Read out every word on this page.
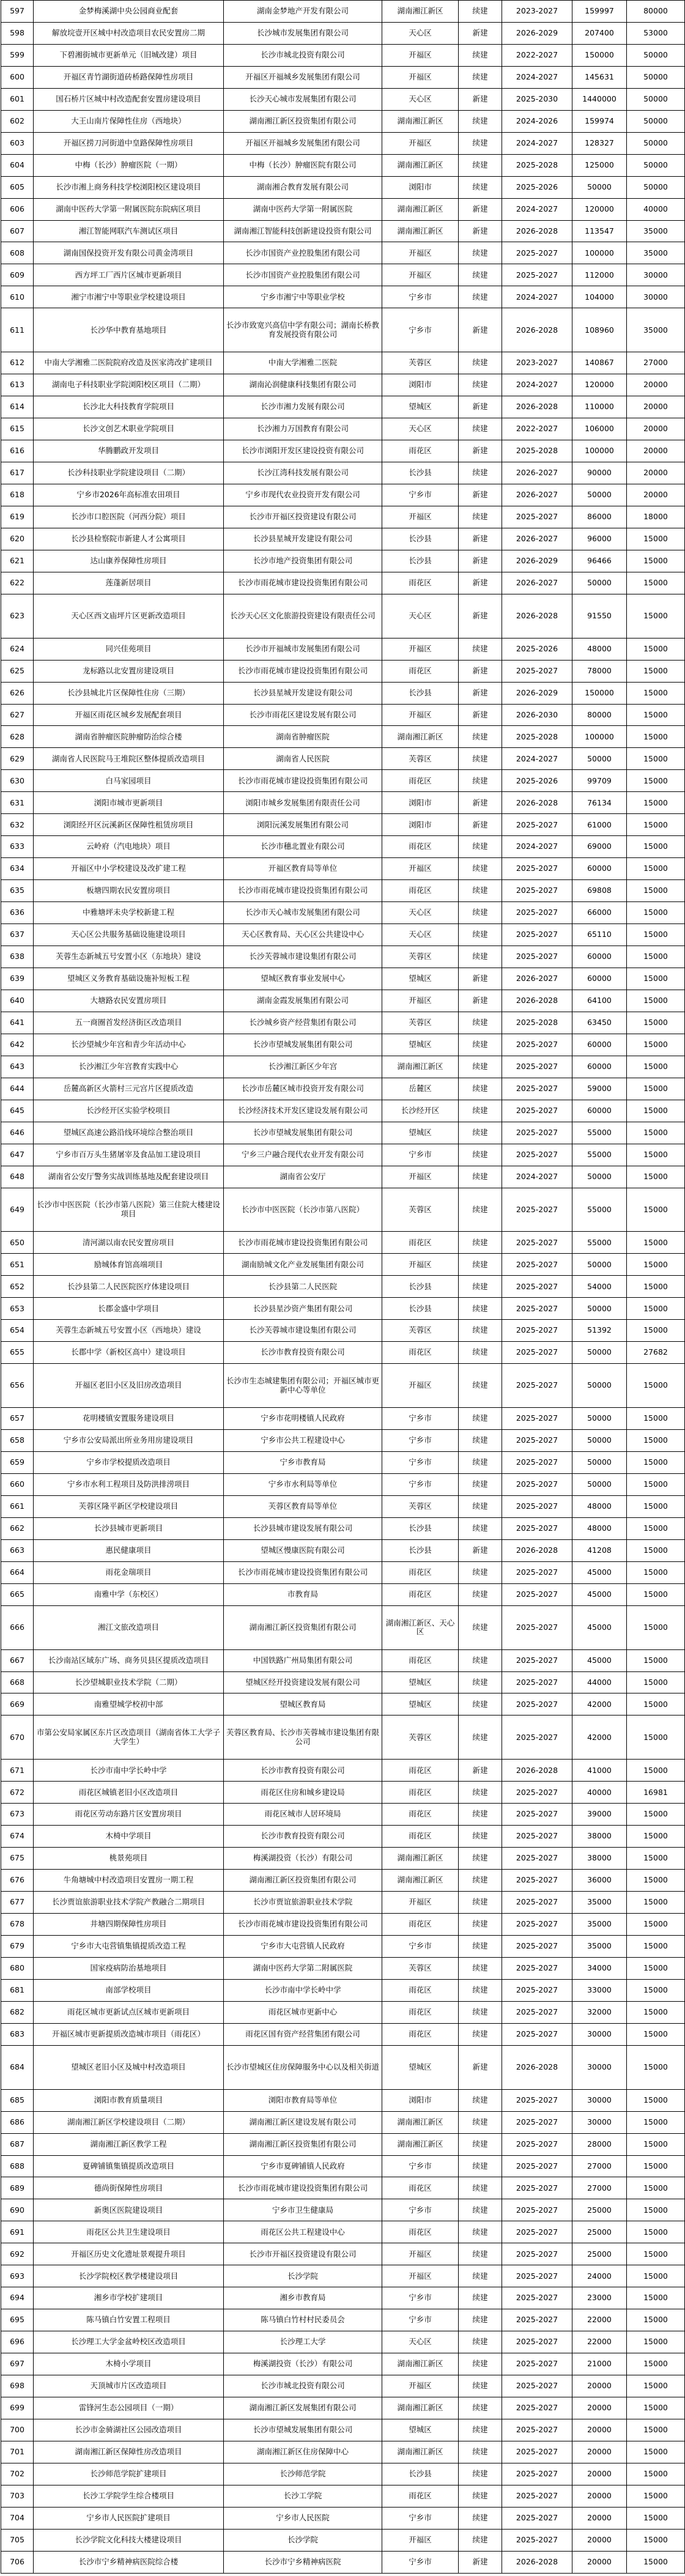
597	金梦梅溪湖中央公园商业配套	湖南金梦地产开发有限公司	湖南湘江新区	续建	2023-2027	159997	80000
598	解放垸壹开区城中村改造项目农民安置房二期	长沙城市发展集团有限公司	天心区	新建	2026-2029	207400	53000
599	下碧湘街城市更新单元（旧城改建）项目	长沙市城北投资有限公司	开福区	续建	2022-2027	150000	50000
600	开福区青竹湖街道砖桥路保障性房项目	开福区开福城乡发展集团有限公司	开福区	续建	2024-2027	145631	50000
601	国石桥片区城中村改造配套安置房建设项目	长沙天心城市发展集团有限公司	天心区	新建	2025-2030	1440000	50000
602	大王山南片保障性住房（西地块）	湖南湘江新区投资集团有限公司	湖南湘江新区	续建	2024-2026	159974	50000
603	开福区捞刀河街道中皇路保障性房项目	开福区开福城乡发展集团有限公司	开福区	续建	2024-2027	128327	50000
604	中梅（长沙）肿瘤医院（一期）	中梅（长沙）肿瘤医院有限公司	湖南湘江新区	续建	2025-2028	125000	50000
605	长沙市湘上商务科技学校浏阳校区建设项目	湖南湘合教育发展有限公司	浏阳市	续建	2025-2026	50000	50000
606	湖南中医药大学第一附属医院东院病区项目	湖南中医药大学第一附属医院	湖南湘江新区	新建	2024-2027	120000	40000
607	湘江智能网联汽车测试区项目	湖南湘江智能科技创新建设投资有限公司	湖南湘江新区	新建	2026-2028	113547	35000
608	湖南国保投资开发有限公司黄金湾项目	长沙市国资产业控股集团有限公司	开福区	续建	2025-2027	100000	35000
609	西方坪工厂西片区城市更新项目	长沙市国资产业控股集团有限公司	开福区	续建	2025-2027	112000	30000
610	湘宁市湘宁中等职业学校建设项目	宁乡市湘宁中等职业学校	宁乡市	续建	2024-2027	104000	30000
611	长沙华中教育基地项目	长沙市致宽兴高信中学有限公司；湖南长桥教育发展投资有限公司	宁乡市	新建	2026-2028	108960	35000
612	中南大学湘雅二医院院府改造及医家湾改扩建项目	中南大学湘雅二医院	芙蓉区	续建	2023-2027	140867	27000
613	湖南电子科技职业学院浏阳校区项目（二期）	湖南沁润健康科技集团有限公司	浏阳市	续建	2024-2027	120000	20000
614	长沙北大科技教育学院项目	长沙市湘力发展有限公司	望城区	新建	2026-2028	110000	20000
615	长沙文创艺术职业学院项目	长沙湘力万国教育有限公司	天心区	续建	2022-2027	106000	20000
616	华腾鹏政开发项目	长沙市浏阳开发区建设投资有限公司	雨花区	新建	2025-2028	100000	20000
617	长沙科技职业学院建设项目（二期）	长沙江湾科技发展有限公司	长沙县	续建	2026-2027	90000	20000
618	宁乡市2026年高标准农田项目	宁乡市现代农业投资开发有限公司	宁乡市	新建	2026-2027	50000	20000
619	长沙市口腔医院（河西分院）项目	长沙市开福区投资建设有限公司	开福区	续建	2025-2027	86000	18000
620	长沙县检察院市新建人才公寓项目	长沙县星城开发建设有限公司	长沙县	新建	2026-2027	96000	15000
621	达山康养保障性房项目	长沙市地产投资集团有限公司	长沙县	新建	2026-2029	96466	15000
622	莲蓬新居项目	长沙市雨花城市建设投资集团有限公司	雨花区	新建	2026-2027	50000	15000
623	天心区西文庙坪片区更新改造项目	长沙天心区文化旅游投资建设有限责任公司	天心区	新建	2026-2028	91550	15000
624	同兴佳苑项目	长沙市开福城市发展集团有限公司	开福区	续建	2025-2026	48000	15000
625	龙标路以北安置房建设项目	长沙市雨花城市建设投资集团有限公司	雨花区	新建	2025-2027	78000	15000
626	长沙县城北片区保障性住房（三期）	长沙县星城开发建设有限公司	长沙县	新建	2026-2029	150000	15000
627	开福区雨花区城乡发展配套项目	长沙市雨花区建设发展有限公司	开福区	新建	2026-2030	80000	15000
628	湖南省肿瘤医院肿瘤防治综合楼	湖南省肿瘤医院	湖南湘江新区	续建	2025-2028	100000	15000
629	湖南省人民医院马王堆院区整体提质改造项目	湖南省人民医院	芙蓉区	续建	2024-2027	50000	15000
630	白马家园项目	长沙市雨花城市建设投资集团有限公司	雨花区	续建	2025-2026	99709	15000
631	浏阳市城市更新项目	浏阳市城乡发展集团有限责任公司	浏阳市	新建	2026-2028	76134	15000
632	浏阳经开区沅溪新区保障性租赁房项目	浏阳沅溪发展集团有限公司	浏阳市	新建	2025-2027	61000	15000
633	云岭府（汽电地块）项目	长沙市穗北置业有限公司	雨花区	续建	2024-2027	69000	15000
634	开福区中小学校建设及改扩建工程	开福区教育局等单位	开福区	续建	2025-2027	60000	15000
635	板塘四期农民安置房项目	长沙市雨花城市建设投资集团有限公司	雨花区	续建	2025-2027	69808	15000
636	中雅塘坪未央学校新建工程	长沙市天心城市发展集团有限公司	天心区	续建	2025-2027	66000	15000
637	天心区公共服务基础设施建设项目	天心区教育局、天心区公共建设中心	天心区	续建	2025-2027	65110	15000
638	芙蓉生态新城五号安置小区（东地块）建设	长沙芙蓉城市建设集团有限公司	芙蓉区	续建	2025-2027	60000	15000
639	望城区义务教育基础设施补短板工程	望城区教育事业发展中心	望城区	新建	2026-2027	60000	15000
640	大塘路农民安置房项目	湖南金霞发展集团有限公司	开福区	新建	2026-2028	64100	15000
641	五一商圈首发经济街区改造项目	长沙城乡资产经营集团有限公司	芙蓉区	续建	2025-2028	63450	15000
642	长沙望城少年宫和青少年活动中心	长沙市望城发展集团有限公司	望城区	续建	2025-2027	60000	15000
643	长沙湘江少年宫教育实践中心	长沙湘江新区少年宫	湖南湘江新区	续建	2025-2027	60000	15000
644	岳麓高新区火箭村三元宫片区提质改造	长沙市岳麓区城市投资开发有限公司	岳麓区	续建	2025-2027	59000	15000
645	长沙经开区实验学校项目	长沙经济技术开发区建设发展有限公司	长沙经开区	续建	2025-2027	60000	15000
646	望城区高速公路沿线环境综合整治项目	长沙市望城发展集团有限公司	望城区	续建	2025-2027	55000	15000
647	宁乡市百万头生猪屠宰及食品加工建设项目	宁乡三户融合现代农业开发有限公司	宁乡市	续建	2025-2027	55000	15000
648	湖南省公安厅警务实战训练基地及配套建设项目	湖南省公安厅	开福区	续建	2024-2027	50000	15000
649	长沙市中医医院（长沙市第八医院）第三住院大楼建设项目	长沙市中医医院（长沙市第八医院）	芙蓉区	续建	2025-2027	55000	15000
650	清河湖以南农民安置房项目	长沙市雨花城市建设投资集团有限公司	雨花区	续建	2025-2027	55000	15000
651	励城体育馆高端项目	湖南励城文化产业发展集团有限公司	开福区	续建	2025-2027	50000	15000
652	长沙县第二人民医院医疗体建设项目	长沙县第二人民医院	长沙县	续建	2025-2027	54000	15000
653	长郡金盛中学项目	长沙县星沙资产集团有限公司	长沙县	续建	2025-2027	50000	15000
654	芙蓉生态新城五号安置小区（西地块）建设	长沙芙蓉城市建设集团有限公司	芙蓉区	续建	2025-2027	51392	15000
655	长郡中学（新校区高中）建设项目	长沙市教育投资有限公司	雨花区	续建	2025-2027	50000	27682
656	开福区老旧小区及旧房改造项目	长沙市生态城建集团有限公司；开福区城市更新中心等单位	开福区	续建	2025-2027	50000	15000
657	花明楼镇安置服务建设项目	宁乡市花明楼镇人民政府	宁乡市	续建	2025-2027	50000	15000
658	宁乡市公安局派出所业务用房建设项目	宁乡市公共工程建设中心	宁乡市	续建	2025-2027	50000	15000
659	宁乡市学校提质改造项目	宁乡市教育局	宁乡市	续建	2025-2027	50000	15000
660	宁乡市水利工程项目及防洪排涝项目	宁乡市水利局等单位	宁乡市	续建	2025-2027	50000	15000
661	芙蓉区隆平新区学校建设项目	芙蓉区教育局等单位	芙蓉区	续建	2025-2027	48000	15000
662	长沙县城市更新项目	长沙县城市建设发展有限公司	长沙县	续建	2025-2027	48000	15000
663	惠民健康项目	望城区慢康医院有限公司	长沙县	新建	2026-2028	41208	15000
664	雨花金瑞项目	长沙市雨花城市建设投资集团有限公司	雨花区	续建	2025-2027	45000	15000
665	南雅中学（东校区）	市教育局	雨花区	续建	2025-2027	45000	15000
666	湘江文旅改造项目	湖南湘江新区投资集团有限公司	湖南湘江新区、天心区	续建	2025-2027	45000	15000
667	长沙南站区域东广场、商务贝县区提质改造项目	中国铁路广州局集团有限公司	雨花区	续建	2025-2027	45000	15000
668	长沙望城职业技术学院（二期）	望城区经开投资建设发展有限公司	望城区	续建	2025-2027	44000	15000
669	南雅望城学校初中部	望城区教育局	望城区	续建	2025-2027	42000	15000
670	市第公安局家属区东片区改造项目（湖南省体工大学子大学生）	芙蓉区教育局、长沙市芙蓉城市建设集团有限公司	芙蓉区	续建	2025-2027	42000	15000
671	长沙市南中学长岭中学	长沙市教育投资有限公司	雨花区	新建	2026-2028	41000	15000
672	雨花区城镇老旧小区改造项目	雨花区住房和城乡建设局	雨花区	续建	2025-2027	40000	16981
673	雨花区劳动东路片区安置房项目	雨花区城市人居环境局	雨花区	续建	2025-2027	39000	15000
674	木椅中学项目	长沙市教育投资有限公司	雨花区	续建	2025-2027	38000	15000
675	桃景苑项目	梅溪湖投资（长沙）有限公司	湖南湘江新区	续建	2025-2027	38000	15000
676	牛角塘城中村改造项目安置房一期工程	湖南湘江新区投资集团有限公司	湖南湘江新区	续建	2025-2027	36000	15000
677	长沙贾谊旅游职业技术学院产教融合二期项目	长沙市贾谊旅游职业技术学院	开福区	续建	2025-2027	35000	15000
678	井塘四期保障性房项目	长沙市雨花城市建设投资集团有限公司	雨花区	续建	2025-2027	35000	15000
679	宁乡市大屯营镇集镇提质改造工程	宁乡市大屯营镇人民政府	宁乡市	续建	2025-2027	35000	15000
680	国家疫病防治基地项目	湖南中医药大学第二附属医院	芙蓉区	续建	2025-2027	34000	15000
681	南部学校项目	长沙市南中学长岭中学	雨花区	续建	2025-2027	33000	15000
682	雨花区城市更新试点区城市更新项目	雨花区城市更新中心	雨花区	续建	2025-2027	32000	15000
683	开福区城市更新提质改造城市项目（雨花区）	雨花区国有资产经营集团有限公司	雨花区	续建	2025-2027	30000	15000
684	望城区老旧小区及城中村改造项目	长沙市望城区住房保障服务中心以及相关街道	望城区	新建	2026-2028	30000	15000
685	浏阳市教育质量项目	浏阳市教育局等单位	浏阳市	续建	2025-2027	30000	15000
686	湖南湘江新区学校建设项目（二期）	湖南湘江新区建设发展有限公司	湖南湘江新区	续建	2025-2027	30000	15000
687	湖南湘江新区教学工程	湖南湘江新区投资集团有限公司	湖南湘江新区	续建	2025-2027	28000	15000
688	夏碑铺镇集镇提质改造项目	宁乡市夏碑铺镇人民政府	宁乡市	续建	2025-2027	27000	15000
689	德尚街保障性房项目	长沙市雨花城市建设投资集团有限公司	雨花区	续建	2025-2027	27000	15000
690	新奥区医院建设项目	宁乡市卫生健康局	宁乡市	续建	2025-2027	25000	15000
691	雨花区公共卫生建设项目	雨花区公共工程建设中心	雨花区	续建	2025-2027	25000	15000
692	开福区历史文化遗址景观提升项目	长沙市开福区投资建设有限公司	开福区	续建	2025-2027	25000	15000
693	长沙学院校区教学楼建设项目	长沙学院	开福区	续建	2025-2027	24000	15000
694	湘乡市学校扩建项目	湘乡市教育局	宁乡市	续建	2025-2027	23000	15000
695	陈马镇白竹安置工程项目	陈马镇白竹村村民委员会	宁乡市	续建	2025-2027	22000	15000
696	长沙理工大学金盆岭校区改造项目	长沙理工大学	天心区	续建	2025-2027	22000	15000
697	木椅小学项目	梅溪湖投资（长沙）有限公司	湖南湘江新区	续建	2025-2027	21000	15000
698	天顶城市片区改造项目	长沙市城北投资有限公司	开福区	续建	2025-2027	20000	15000
699	雷锋河生态公园项目（一期）	湖南湘江新区发展集团有限公司	湖南湘江新区	续建	2025-2027	20000	15000
700	长沙市金骑湖社区公园改造项目	长沙市望城发展集团有限公司	望城区	续建	2025-2027	20000	15000
701	湖南湘江新区保障性房改造项目	湖南湘江新区住房保障中心	湖南湘江新区	续建	2025-2027	20000	15000
702	长沙师范学院扩建项目	长沙师范学院	长沙县	续建	2025-2027	20000	15000
703	长沙工学院学生综合楼项目	长沙工学院	雨花区	续建	2025-2027	20000	15000
704	宁乡市人民医院扩建项目	宁乡市人民医院	宁乡市	续建	2025-2027	20000	15000
705	长沙学院文化科技大楼建设项目	长沙学院	开福区	续建	2025-2027	20000	15000
706	长沙市宁乡精神病医院综合楼	长沙市宁乡精神病医院	宁乡市	新建	2026-2028	20000	15000
